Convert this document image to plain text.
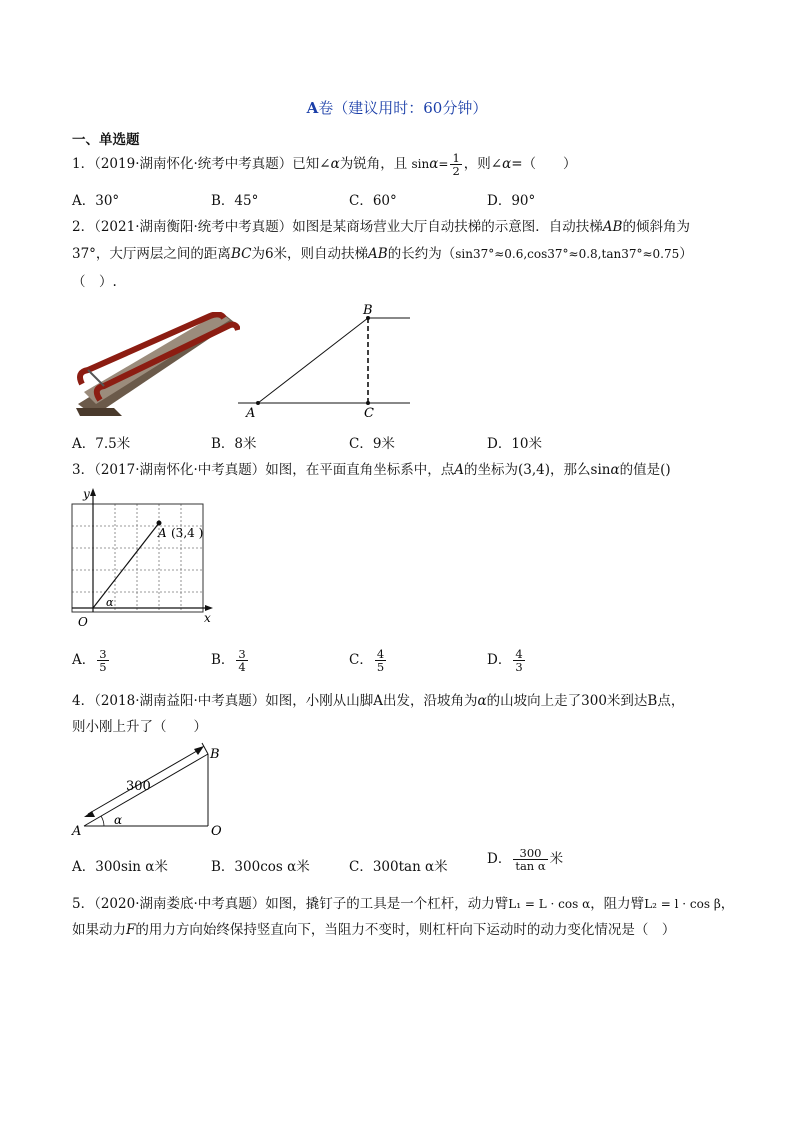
A卷（建议用时：60分钟）
一、单选题
1．（2019·湖南怀化·统考中考真题）已知∠α为锐角，且 $\sin\alpha= \frac{1}{2}$ ，则∠α=（　　）
A．30°	B．45°	C．60°	D．90°
2．（2021·湖南衡阳·统考中考真题）如图是某商场营业大厅自动扶梯的示意图．自动扶梯AB的倾斜角为
37°，大厅两层之间的距离BC为6米，则自动扶梯AB的长约为（sin37°≈0.6,cos37°≈0.8,tan37°≈0.75）
（　）.
B
A	C
A．7.5米	B．8米	C．9米	D．10米
3．（2017·湖南怀化·中考真题）如图，在平面直角坐标系中，点A的坐标为(3,4)，那么sinα的值是()
y
x
O
A (3,4 )
α
A． $\frac{3}{5}$	B． $\frac{3}{4}$	C． $\frac{4}{5}$	D． $\frac{4}{3}$
4．（2018·湖南益阳·中考真题）如图，小刚从山脚A出发，沿坡角为α的山坡向上走了300米到达B点，
则小刚上升了（　　）
B
A	O
300
α
A．300sin α米	B．300cos α米	C．300tan α米	D． $\frac{300}{\text{tan α}}$ 米
5．（2020·湖南娄底·中考真题）如图，撬钉子的工具是一个杠杆，动力臂L₁ = L · cos α，阻力臂L₂ = l · cos β，
如果动力F的用力方向始终保持竖直向下，当阻力不变时，则杠杆向下运动时的动力变化情况是（　）
